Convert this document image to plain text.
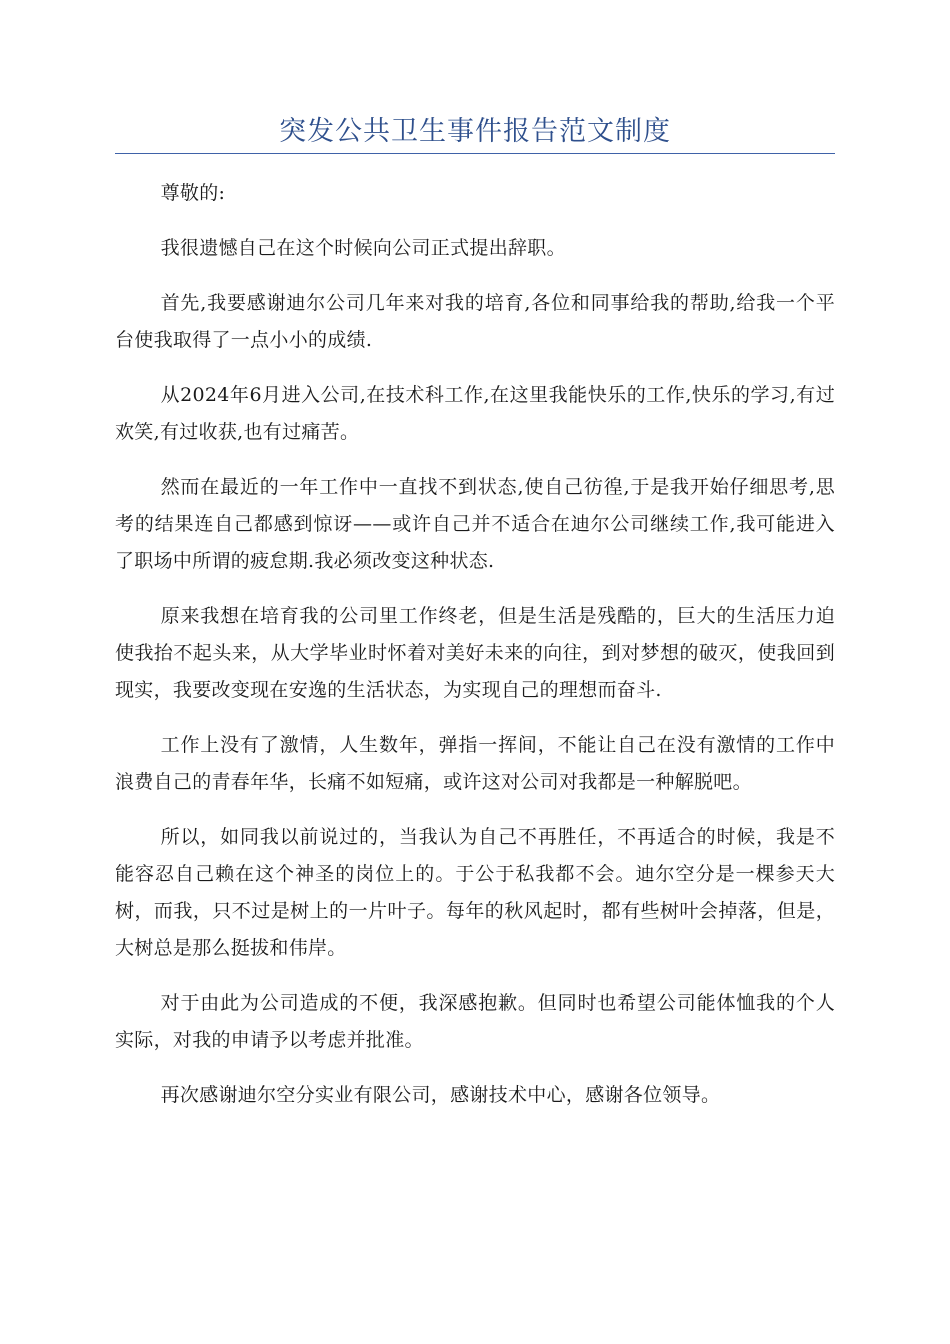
突发公共卫生事件报告范文制度

尊敬的:

我很遗憾自己在这个时候向公司正式提出辞职。

首先,我要感谢迪尔公司几年来对我的培育,各位和同事给我的帮助,给我一个平台使我取得了一点小小的成绩.

从2024年6月进入公司,在技术科工作,在这里我能快乐的工作,快乐的学习,有过欢笑,有过收获,也有过痛苦。

然而在最近的一年工作中一直找不到状态,使自己彷徨,于是我开始仔细思考,思考的结果连自己都感到惊讶——或许自己并不适合在迪尔公司继续工作,我可能进入了职场中所谓的疲怠期.我必须改变这种状态.

原来我想在培育我的公司里工作终老，但是生活是残酷的，巨大的生活压力迫使我抬不起头来，从大学毕业时怀着对美好未来的向往，到对梦想的破灭，使我回到现实，我要改变现在安逸的生活状态，为实现自己的理想而奋斗.

工作上没有了激情，人生数年，弹指一挥间，不能让自己在没有激情的工作中浪费自己的青春年华，长痛不如短痛，或许这对公司对我都是一种解脱吧。

所以，如同我以前说过的，当我认为自己不再胜任，不再适合的时候，我是不能容忍自己赖在这个神圣的岗位上的。于公于私我都不会。迪尔空分是一棵参天大树，而我，只不过是树上的一片叶子。每年的秋风起时，都有些树叶会掉落，但是，大树总是那么挺拔和伟岸。

对于由此为公司造成的不便，我深感抱歉。但同时也希望公司能体恤我的个人实际，对我的申请予以考虑并批准。

再次感谢迪尔空分实业有限公司，感谢技术中心，感谢各位领导。
